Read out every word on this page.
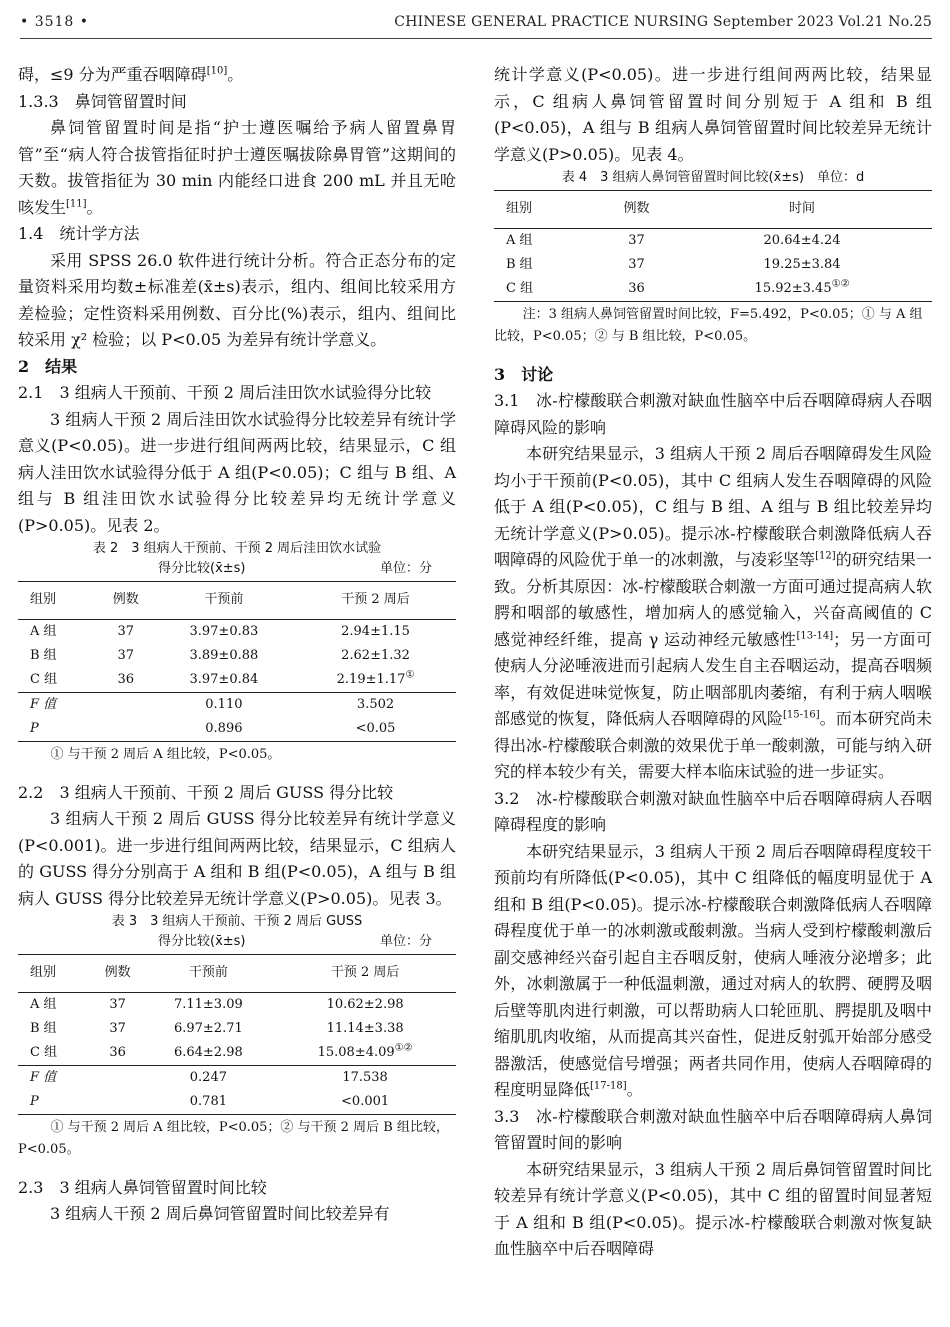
• 3518 •	CHINESE GENERAL PRACTICE NURSING September 2023 Vol.21 No.25

碍，≤9 分为严重吞咽障碍[10]。

1.3.3　鼻饲管留置时间

鼻饲管留置时间是指“护士遵医嘱给予病人留置鼻胃管”至“病人符合拔管指征时护士遵医嘱拔除鼻胃管”这期间的天数。拔管指征为 30 min 内能经口进食 200 mL 并且无呛咳发生[11]。

1.4　统计学方法

采用 SPSS 26.0 软件进行统计分析。符合正态分布的定量资料采用均数±标准差(x̄±s)表示，组内、组间比较采用方差检验；定性资料采用例数、百分比(%)表示，组内、组间比较采用 χ² 检验；以 P<0.05 为差异有统计学意义。

2　结果

2.1　3 组病人干预前、干预 2 周后洼田饮水试验得分比较

3 组病人干预 2 周后洼田饮水试验得分比较差异有统计学意义(P<0.05)。进一步进行组间两两比较，结果显示，C 组病人洼田饮水试验得分低于 A 组(P<0.05)；C 组与 B 组、A 组与 B 组洼田饮水试验得分比较差异均无统计学意义(P>0.05)。见表 2。

表 2　3 组病人干预前、干预 2 周后洼田饮水试验
得分比较(x̄±s)	单位：分
组别	例数	干预前	干预 2 周后
A 组	37	3.97±0.83	2.94±1.15
B 组	37	3.89±0.88	2.62±1.32
C 组	36	3.97±0.84	2.19±1.17①
F 值		0.110	3.502
P		0.896	<0.05
① 与干预 2 周后 A 组比较，P<0.05。

2.2　3 组病人干预前、干预 2 周后 GUSS 得分比较

3 组病人干预 2 周后 GUSS 得分比较差异有统计学意义(P<0.001)。进一步进行组间两两比较，结果显示，C 组病人的 GUSS 得分分别高于 A 组和 B 组(P<0.05)，A 组与 B 组病人 GUSS 得分比较差异无统计学意义(P>0.05)。见表 3。

表 3　3 组病人干预前、干预 2 周后 GUSS
得分比较(x̄±s)	单位：分
组别	例数	干预前	干预 2 周后
A 组	37	7.11±3.09	10.62±2.98
B 组	37	6.97±2.71	11.14±3.38
C 组	36	6.64±2.98	15.08±4.09①②
F 值		0.247	17.538
P		0.781	<0.001
① 与干预 2 周后 A 组比较，P<0.05；② 与干预 2 周后 B 组比较，P<0.05。

2.3　3 组病人鼻饲管留置时间比较

3 组病人干预 2 周后鼻饲管留置时间比较差异有

统计学意义(P<0.05)。进一步进行组间两两比较，结果显示，C 组病人鼻饲管留置时间分别短于 A 组和 B 组(P<0.05)，A 组与 B 组病人鼻饲管留置时间比较差异无统计学意义(P>0.05)。见表 4。

表 4　3 组病人鼻饲管留置时间比较(x̄±s)　单位：d
组别	例数	时间
A 组	37	20.64±4.24
B 组	37	19.25±3.84
C 组	36	15.92±3.45①②
注：3 组病人鼻饲管留置时间比较，F=5.492，P<0.05；① 与 A 组比较，P<0.05；② 与 B 组比较，P<0.05。

3　讨论

3.1　冰-柠檬酸联合刺激对缺血性脑卒中后吞咽障碍病人吞咽障碍风险的影响

本研究结果显示，3 组病人干预 2 周后吞咽障碍发生风险均小于干预前(P<0.05)，其中 C 组病人发生吞咽障碍的风险低于 A 组(P<0.05)，C 组与 B 组、A 组与 B 组比较差异均无统计学意义(P>0.05)。提示冰-柠檬酸联合刺激降低病人吞咽障碍的风险优于单一的冰刺激，与凌彩坚等[12]的研究结果一致。分析其原因：冰-柠檬酸联合刺激一方面可通过提高病人软腭和咽部的敏感性，增加病人的感觉输入，兴奋高阈值的 C 感觉神经纤维，提高 γ 运动神经元敏感性[13-14]；另一方面可使病人分泌唾液进而引起病人发生自主吞咽运动，提高吞咽频率，有效促进味觉恢复，防止咽部肌肉萎缩，有利于病人咽喉部感觉的恢复，降低病人吞咽障碍的风险[15-16]。而本研究尚未得出冰-柠檬酸联合刺激的效果优于单一酸刺激，可能与纳入研究的样本较少有关，需要大样本临床试验的进一步证实。

3.2　冰-柠檬酸联合刺激对缺血性脑卒中后吞咽障碍病人吞咽障碍程度的影响

本研究结果显示，3 组病人干预 2 周后吞咽障碍程度较干预前均有所降低(P<0.05)，其中 C 组降低的幅度明显优于 A 组和 B 组(P<0.05)。提示冰-柠檬酸联合刺激降低病人吞咽障碍程度优于单一的冰刺激或酸刺激。当病人受到柠檬酸刺激后副交感神经兴奋引起自主吞咽反射，使病人唾液分泌增多；此外，冰刺激属于一种低温刺激，通过对病人的软腭、硬腭及咽后壁等肌肉进行刺激，可以帮助病人口轮匝肌、腭提肌及咽中缩肌肌肉收缩，从而提高其兴奋性，促进反射弧开始部分感受器激活，使感觉信号增强；两者共同作用，使病人吞咽障碍的程度明显降低[17-18]。

3.3　冰-柠檬酸联合刺激对缺血性脑卒中后吞咽障碍病人鼻饲管留置时间的影响

本研究结果显示，3 组病人干预 2 周后鼻饲管留置时间比较差异有统计学意义(P<0.05)，其中 C 组的留置时间显著短于 A 组和 B 组(P<0.05)。提示冰-柠檬酸联合刺激对恢复缺血性脑卒中后吞咽障碍
